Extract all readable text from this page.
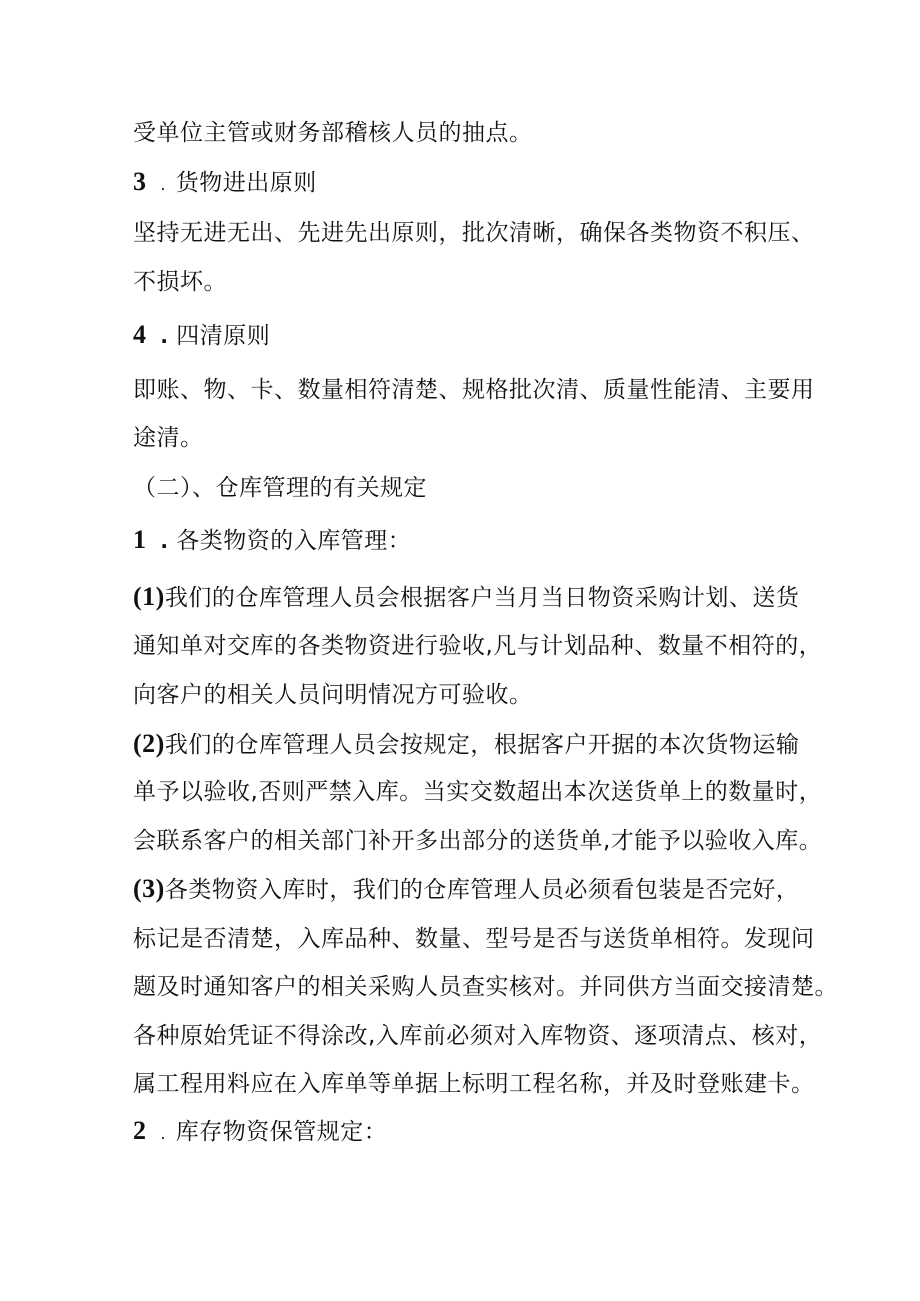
受单位主管或财务部稽核人员的抽点。
3 . 货物进出原则
坚持无进无出、先进先出原则，批次清晰，确保各类物资不积压、
不损坏。
4 . 四清原则
即账、物、卡、数量相符清楚、规格批次清、质量性能清、主要用
途清。
（二）、仓库管理的有关规定
1 . 各类物资的入库管理：
(1)我们的仓库管理人员会根据客户当月当日物资采购计划、送货
通知单对交库的各类物资进行验收,凡与计划品种、数量不相符的，
向客户的相关人员问明情况方可验收。
(2)我们的仓库管理人员会按规定，根据客户开据的本次货物运输
单予以验收,否则严禁入库。当实交数超出本次送货单上的数量时，
会联系客户的相关部门补开多出部分的送货单,才能予以验收入库。
(3)各类物资入库时，我们的仓库管理人员必须看包装是否完好，
标记是否清楚，入库品种、数量、型号是否与送货单相符。发现问
题及时通知客户的相关采购人员查实核对。并同供方当面交接清楚。
各种原始凭证不得涂改,入库前必须对入库物资、逐项清点、核对，
属工程用料应在入库单等单据上标明工程名称，并及时登账建卡。
2 . 库存物资保管规定：
